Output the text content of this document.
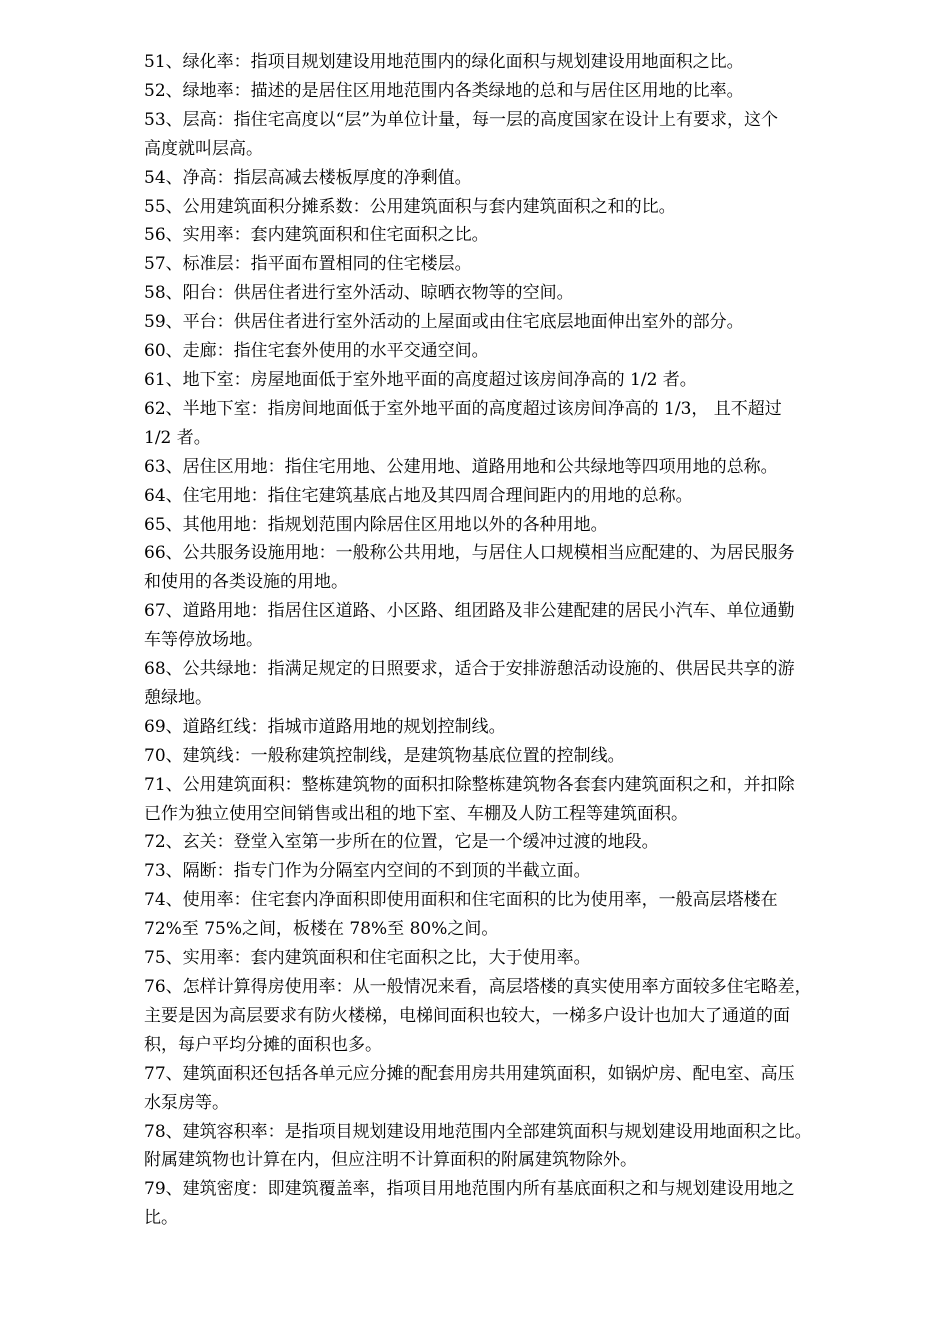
51、绿化率：指项目规划建设用地范围内的绿化面积与规划建设用地面积之比。

52、绿地率：描述的是居住区用地范围内各类绿地的总和与居住区用地的比率。

53、层高：指住宅高度以“层”为单位计量，每一层的高度国家在设计上有要求，这个
高度就叫层高。

54、净高：指层高减去楼板厚度的净剩值。

55、公用建筑面积分摊系数：公用建筑面积与套内建筑面积之和的比。

56、实用率：套内建筑面积和住宅面积之比。

57、标准层：指平面布置相同的住宅楼层。

58、阳台：供居住者进行室外活动、晾晒衣物等的空间。

59、平台：供居住者进行室外活动的上屋面或由住宅底层地面伸出室外的部分。

60、走廊：指住宅套外使用的水平交通空间。

61、地下室：房屋地面低于室外地平面的高度超过该房间净高的 1/2 者。

62、半地下室：指房间地面低于室外地平面的高度超过该房间净高的 1/3， 且不超过
1/2 者。

63、居住区用地：指住宅用地、公建用地、道路用地和公共绿地等四项用地的总称。

64、住宅用地：指住宅建筑基底占地及其四周合理间距内的用地的总称。

65、其他用地：指规划范围内除居住区用地以外的各种用地。

66、公共服务设施用地：一般称公共用地，与居住人口规模相当应配建的、为居民服务
和使用的各类设施的用地。

67、道路用地：指居住区道路、小区路、组团路及非公建配建的居民小汽车、单位通勤
车等停放场地。

68、公共绿地：指满足规定的日照要求，适合于安排游憩活动设施的、供居民共享的游
憩绿地。

69、道路红线：指城市道路用地的规划控制线。

70、建筑线：一般称建筑控制线，是建筑物基底位置的控制线。

71、公用建筑面积：整栋建筑物的面积扣除整栋建筑物各套套内建筑面积之和，并扣除
已作为独立使用空间销售或出租的地下室、车棚及人防工程等建筑面积。

72、玄关：登堂入室第一步所在的位置，它是一个缓冲过渡的地段。

73、隔断：指专门作为分隔室内空间的不到顶的半截立面。

74、使用率：住宅套内净面积即使用面积和住宅面积的比为使用率，一般高层塔楼在
72%至 75%之间，板楼在 78%至 80%之间。

75、实用率：套内建筑面积和住宅面积之比，大于使用率。

76、怎样计算得房使用率：从一般情况来看，高层塔楼的真实使用率方面较多住宅略差，
主要是因为高层要求有防火楼梯，电梯间面积也较大，一梯多户设计也加大了通道的面
积，每户平均分摊的面积也多。

77、建筑面积还包括各单元应分摊的配套用房共用建筑面积，如锅炉房、配电室、高压
水泵房等。

78、建筑容积率：是指项目规划建设用地范围内全部建筑面积与规划建设用地面积之比。
附属建筑物也计算在内，但应注明不计算面积的附属建筑物除外。

79、建筑密度：即建筑覆盖率，指项目用地范围内所有基底面积之和与规划建设用地之
比。
